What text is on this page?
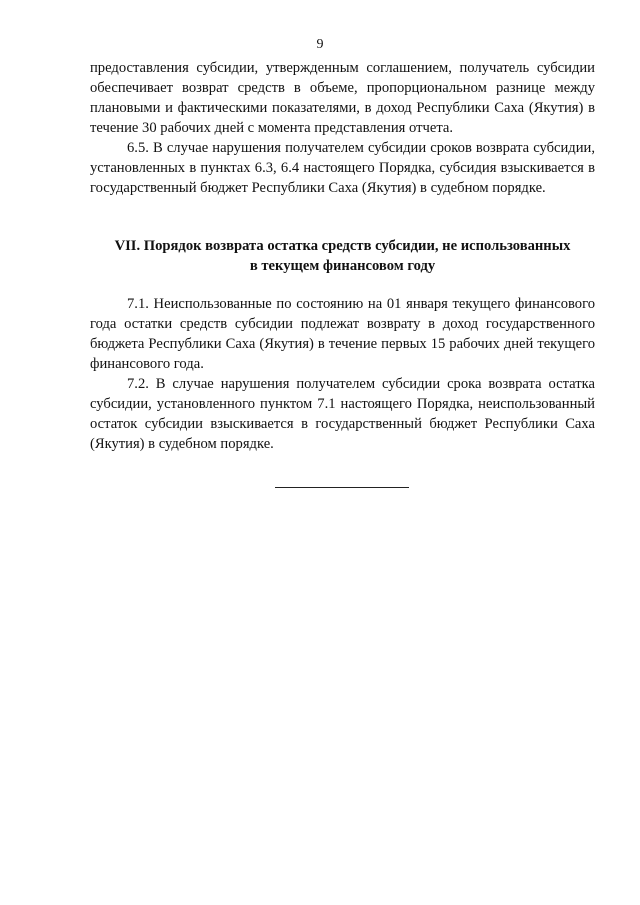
9

предоставления субсидии, утвержденным соглашением, получатель субсидии обеспечивает возврат средств в объеме, пропорциональном разнице между плановыми и фактическими показателями, в доход Республики Саха (Якутия) в течение 30 рабочих дней с момента представления отчета.

6.5. В случае нарушения получателем субсидии сроков возврата субсидии, установленных в пунктах 6.3, 6.4 настоящего Порядка, субсидия взыскивается в государственный бюджет Республики Саха (Якутия) в судебном порядке.

VII. Порядок возврата остатка средств субсидии, не использованных
в текущем финансовом году

7.1. Неиспользованные по состоянию на 01 января текущего финансового года остатки средств субсидии подлежат возврату в доход государственного бюджета Республики Саха (Якутия) в течение первых 15 рабочих дней текущего финансового года.

7.2. В случае нарушения получателем субсидии срока возврата остатка субсидии, установленного пунктом 7.1 настоящего Порядка, неиспользованный остаток субсидии взыскивается в государственный бюджет Республики Саха (Якутия) в судебном порядке.
